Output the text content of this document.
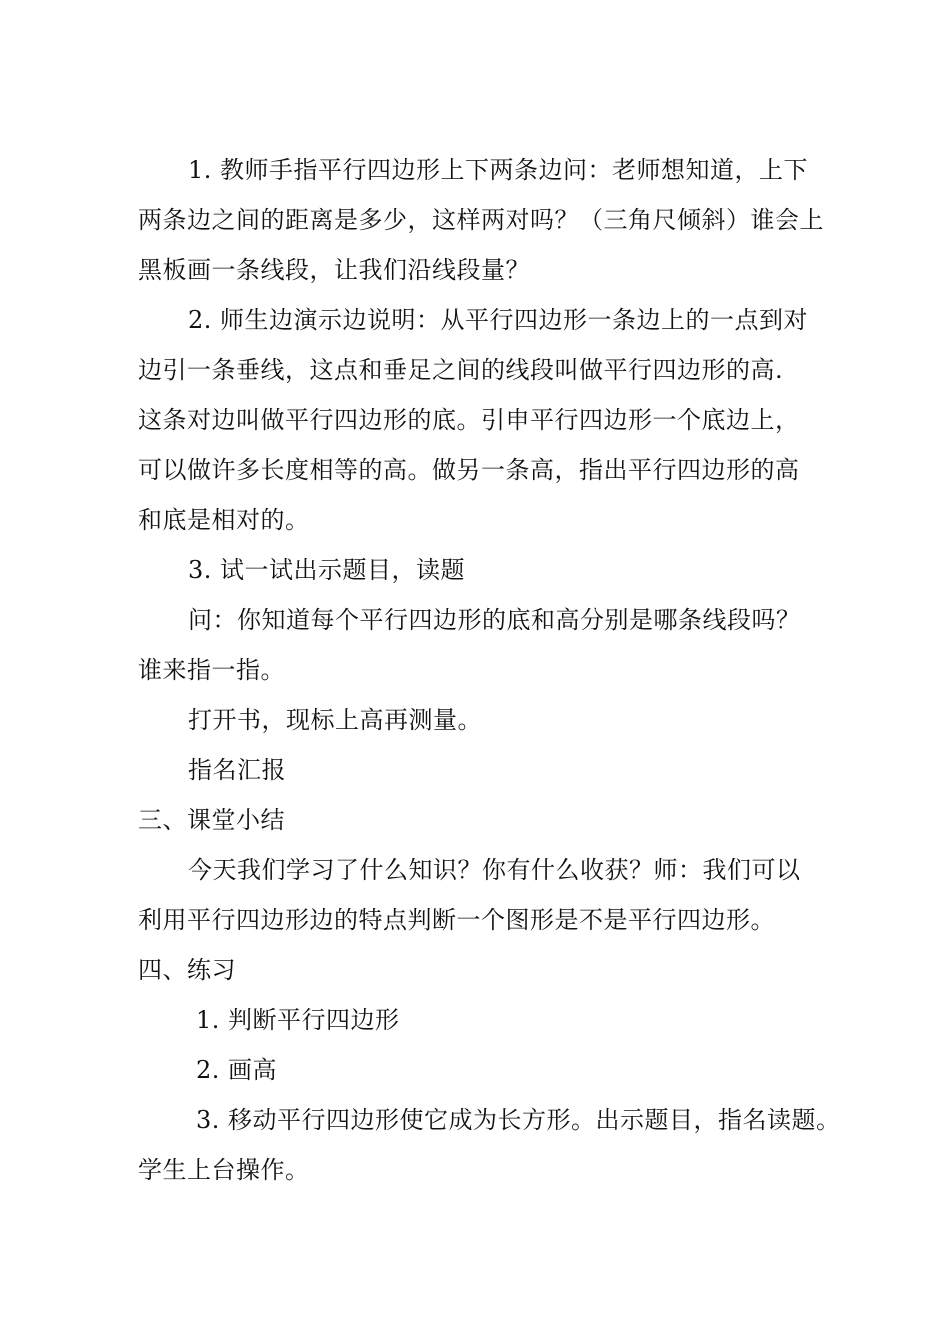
1. 教师手指平行四边形上下两条边问：老师想知道，上下
两条边之间的距离是多少，这样两对吗？（三角尺倾斜）谁会上
黑板画一条线段，让我们沿线段量？
2. 师生边演示边说明：从平行四边形一条边上的一点到对
边引一条垂线，这点和垂足之间的线段叫做平行四边形的高.
这条对边叫做平行四边形的底。引申平行四边形一个底边上，
可以做许多长度相等的高。做另一条高，指出平行四边形的高
和底是相对的。
3. 试一试出示题目，读题
问：你知道每个平行四边形的底和高分别是哪条线段吗？
谁来指一指。
打开书，现标上高再测量。
指名汇报
三、课堂小结
今天我们学习了什么知识？你有什么收获？师：我们可以
利用平行四边形边的特点判断一个图形是不是平行四边形。
四、练习
1. 判断平行四边形
2. 画高
3. 移动平行四边形使它成为长方形。出示题目，指名读题。
学生上台操作。
